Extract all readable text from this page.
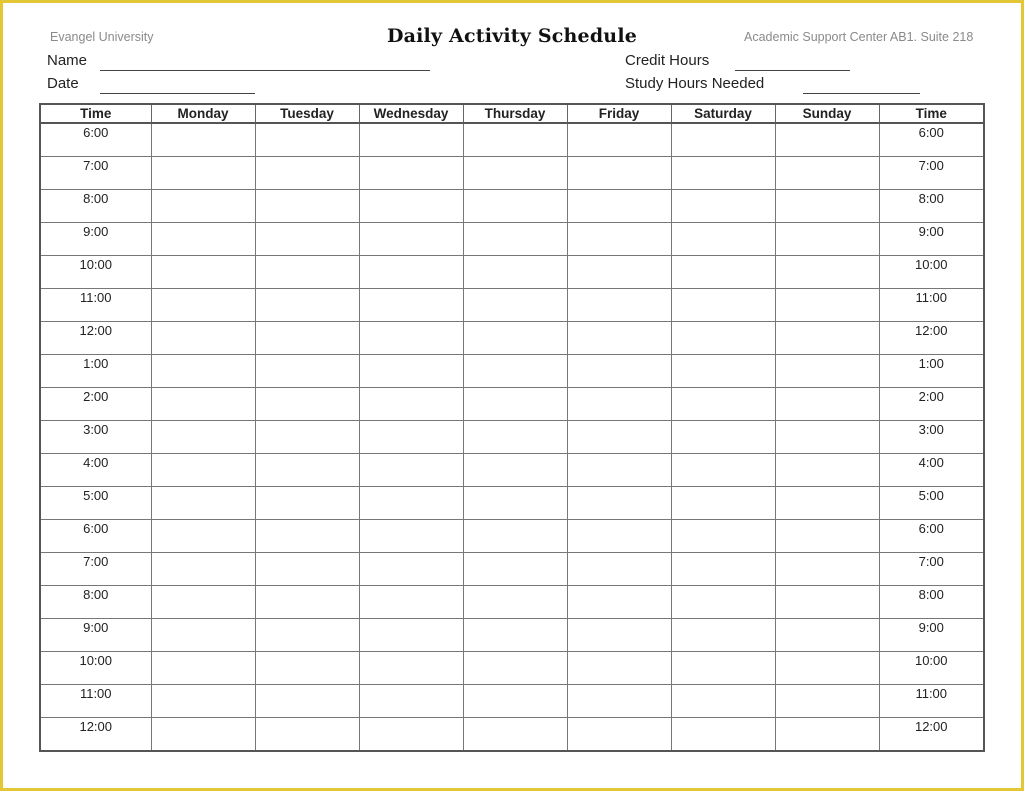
Evangel University	Daily Activity Schedule	Academic Support Center AB1. Suite 218
Name
Date
Credit Hours
Study Hours Needed
Time	Monday	Tuesday	Wednesday	Thursday	Friday	Saturday	Sunday	Time
6:00								6:00
7:00								7:00
8:00								8:00
9:00								9:00
10:00								10:00
11:00								11:00
12:00								12:00
1:00								1:00
2:00								2:00
3:00								3:00
4:00								4:00
5:00								5:00
6:00								6:00
7:00								7:00
8:00								8:00
9:00								9:00
10:00								10:00
11:00								11:00
12:00								12:00
